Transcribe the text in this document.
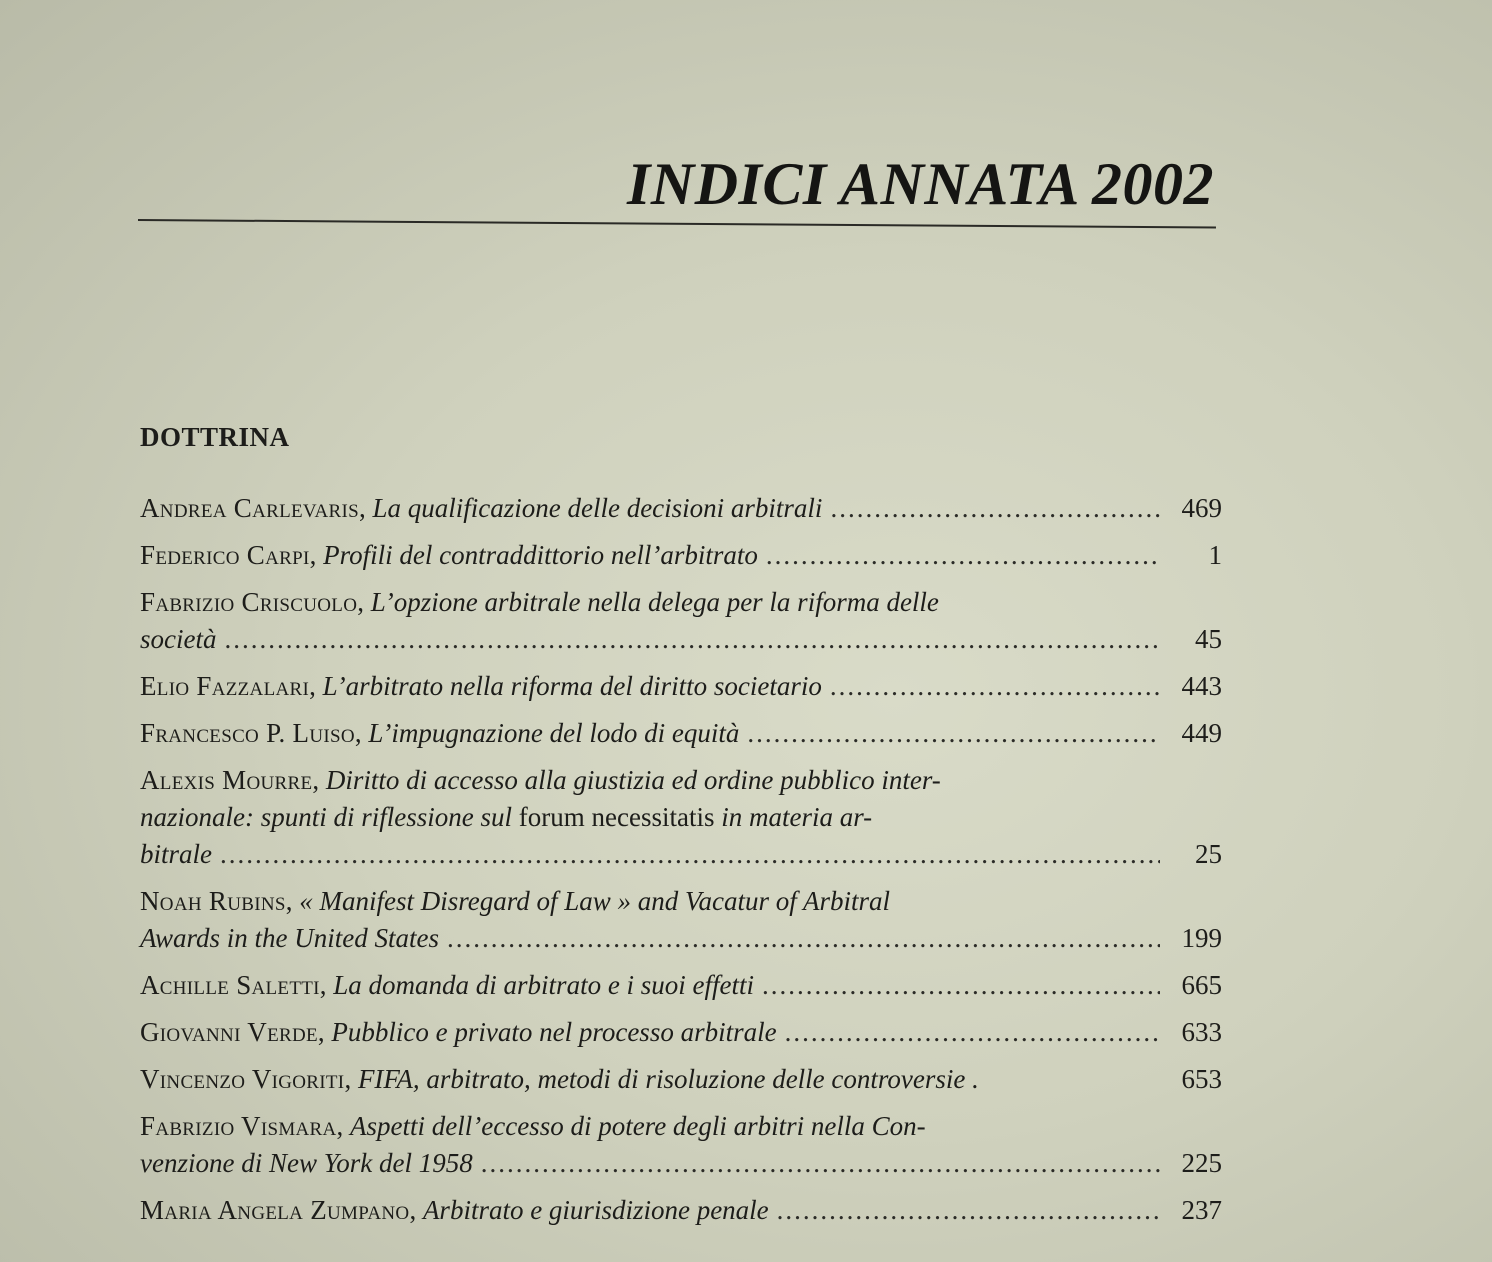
INDICI ANNATA 2002
DOTTRINA
Andrea Carlevaris, La qualificazione delle decisioni arbitrali .....	469
Federico Carpi, Profili del contraddittorio nell’arbitrato .....	1
Fabrizio Criscuolo, L’opzione arbitrale nella delega per la riforma delle
società .....	45
Elio Fazzalari, L’arbitrato nella riforma del diritto societario .....	443
Francesco P. Luiso, L’impugnazione del lodo di equità .....	449
Alexis Mourre, Diritto di accesso alla giustizia ed ordine pubblico inter-
nazionale: spunti di riflessione sul forum necessitatis in materia ar-
bitrale .....	25
Noah Rubins, « Manifest Disregard of Law » and Vacatur of Arbitral
Awards in the United States .....	199
Achille Saletti, La domanda di arbitrato e i suoi effetti .....	665
Giovanni Verde, Pubblico e privato nel processo arbitrale .....	633
Vincenzo Vigoriti, FIFA, arbitrato, metodi di risoluzione delle controversie .	653
Fabrizio Vismara, Aspetti dell’eccesso di potere degli arbitri nella Con-
venzione di New York del 1958 .....	225
Maria Angela Zumpano, Arbitrato e giurisdizione penale .....	237
